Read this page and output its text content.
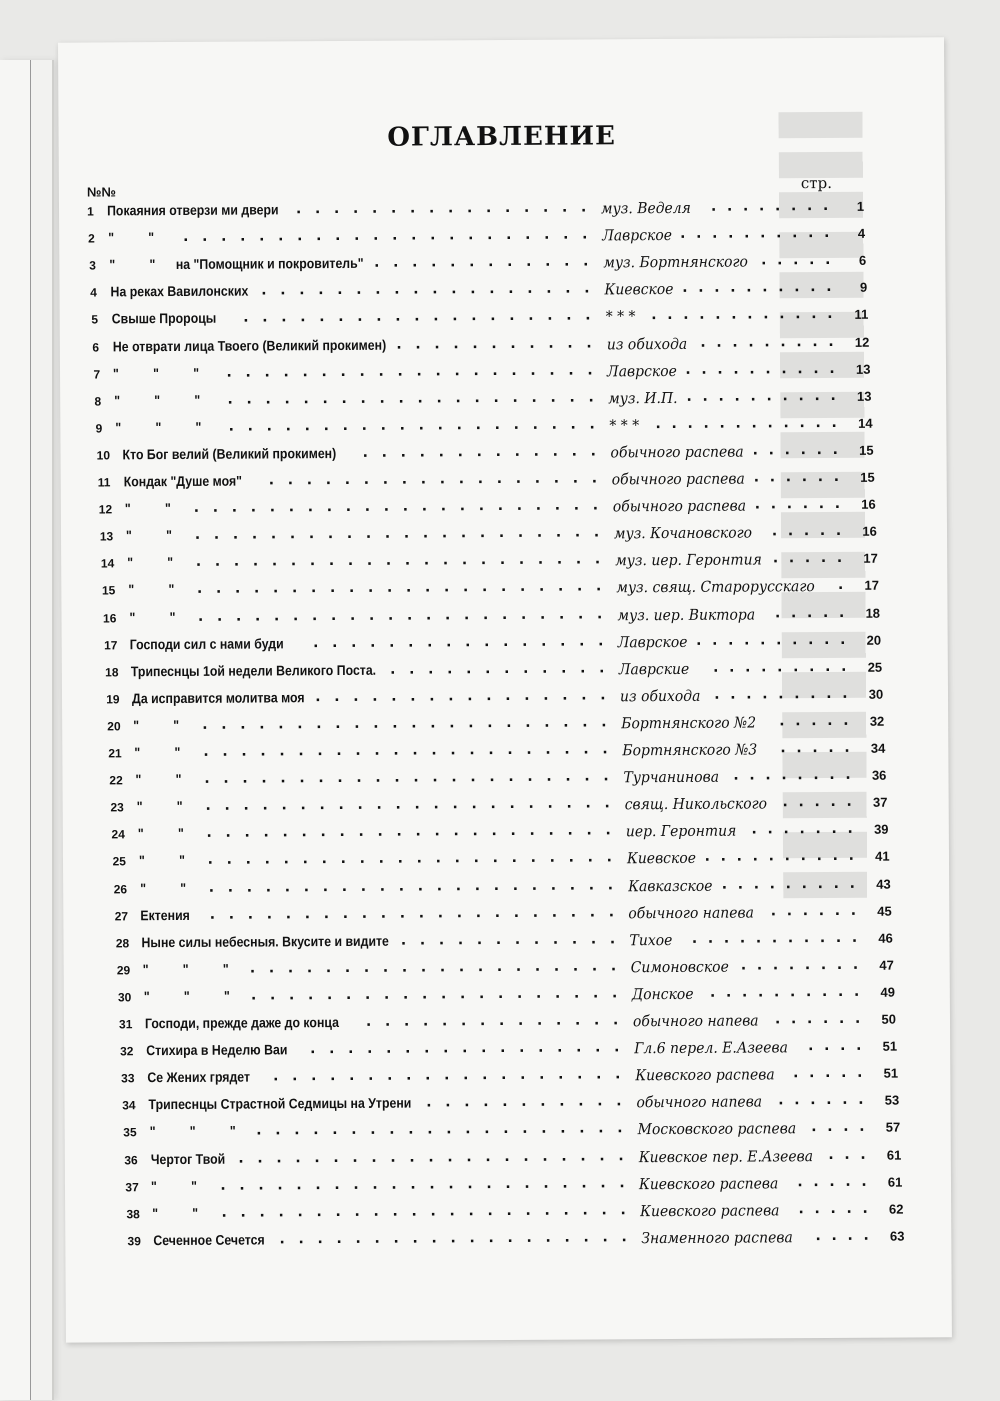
ОГЛАВЛЕНИЕ
№№	стр.
1 Покаяния отверзи ми двери	муз. Веделя	1
. . . . . . . . . . . . . . . .	. . . . . . . .
2 "          "	Лаврское	4
. . . . . . . . . . . . . . . . . . . . . .	. . . . . . . . . .
3 "          "      на "Помощник и покровитель"	муз. Бортнянского	6
. . . . . . . . . . . .	. . . . .
4 На реках Вавилонских	Киевское	9
. . . . . . . . . . . . . . . . . .	. . . . . . . . . .
5 Свыше Пророцы	* * *	11
. . . . . . . . . . . . . . . . . . .	. . . . . . . . . . . .
6 Не отврати лица Твоего (Великий прокимен)	из обихода	12
. . . . . . . . . . .	. . . . . . . . .
7 "          "          "	Лаврское	13
. . . . . . . . . . . . . . . . . . . .	. . . . . . . . . .
8 "          "          "	муз. И.П.	13
. . . . . . . . . . . . . . . . . . . .	. . . . . . . . . .
9 "          "          "	* * *	14
. . . . . . . . . . . . . . . . . . . .	. . . . . . . . . . . .
10 Кто Бог велий (Великий прокимен)	обычного распева	15
. . . . . . . . . . . . .	. . . . . .
11 Кондак "Душе моя"	обычного распева	15
. . . . . . . . . . . . . . . . . .	. . . . . .
12 "          "	обычного распева	16
. . . . . . . . . . . . . . . . . . . . . .	. . . . . .
13 "          "	муз. Кочановского	16
. . . . . . . . . . . . . . . . . . . . . .	. . . . .
14 "          "	муз. иер. Геронтия	17
. . . . . . . . . . . . . . . . . . . . . .	. . . . .
15 "          "	муз. свящ. Старорусскаго	17
. . . . . . . . . . . . . . . . . . . . . .	.
16 "          "	муз. иер. Виктора	18
. . . . . . . . . . . . . . . . . . . . . .	. . . . .
17 Господи сил с нами буди	Лаврское	20
. . . . . . . . . . . . . . . .	. . . . . . . . . .
18 Трипеснцы 1ой недели Великого Поста.	Лаврские	25
. . . . . . . . . . . .	. . . . . . . . .
19 Да исправится молитва моя	из обихода	30
. . . . . . . . . . . . . . . .	. . . . . . . . .
20 "          "	Бортнянского №2	32
. . . . . . . . . . . . . . . . . . . . . .	. . . . .
21 "          "	Бортнянского №3	34
. . . . . . . . . . . . . . . . . . . . . .	. . . . .
22 "          "	Турчанинова	36
. . . . . . . . . . . . . . . . . . . . . .	. . . . . . . .
23 "          "	свящ. Никольского	37
. . . . . . . . . . . . . . . . . . . . . .	. . . . .
24 "          "	иер. Геронтия	39
. . . . . . . . . . . . . . . . . . . . . .	. . . . . . .
25 "          "	Киевское	41
. . . . . . . . . . . . . . . . . . . . . .	. . . . . . . . . .
26 "          "	Кавказское	43
. . . . . . . . . . . . . . . . . . . . . .	. . . . . . . . .
27 Ектения	обычного напева	45
. . . . . . . . . . . . . . . . . . . . . .	. . . . . .
28 Ныне силы небесныя. Вкусите и видите	Тихое	46
. . . . . . . . . . . .	. . . . . . . . . . .
29 "          "          "	Симоновское	47
. . . . . . . . . . . . . . . . . . . .	. . . . . . . .
30 "          "          "	Донское	49
. . . . . . . . . . . . . . . . . . . .	. . . . . . . . . .
31 Господи, прежде даже до конца	обычного напева	50
. . . . . . . . . . . . . .	. . . . . .
32 Стихира в Неделю Ваи	Гл.6 перел. Е.Азеева	51
. . . . . . . . . . . . . . . . .	. . . .
33 Се Жених грядет	Киевского распева	51
. . . . . . . . . . . . . . . . . . .	. . . . .
34 Трипеснцы Страстной Седмицы на Утрени	обычного напева	53
. . . . . . . . . . .	. . . . . .
35 "          "          "	Московского распева	57
. . . . . . . . . . . . . . . . . . . .	. . . .
36 Чертог Твой	Киевское пер. Е.Азеева	61
. . . . . . . . . . . . . . . . . . . . .	. . .
37 "          "	Киевского распева	61
. . . . . . . . . . . . . . . . . . . . . .	. . . . .
38 "          "	Киевского распева	62
. . . . . . . . . . . . . . . . . . . . . .	. . . . .
39 Сеченное Сечется	Знаменного распева	63
. . . . . . . . . . . . . . . . . . .	. . . .
